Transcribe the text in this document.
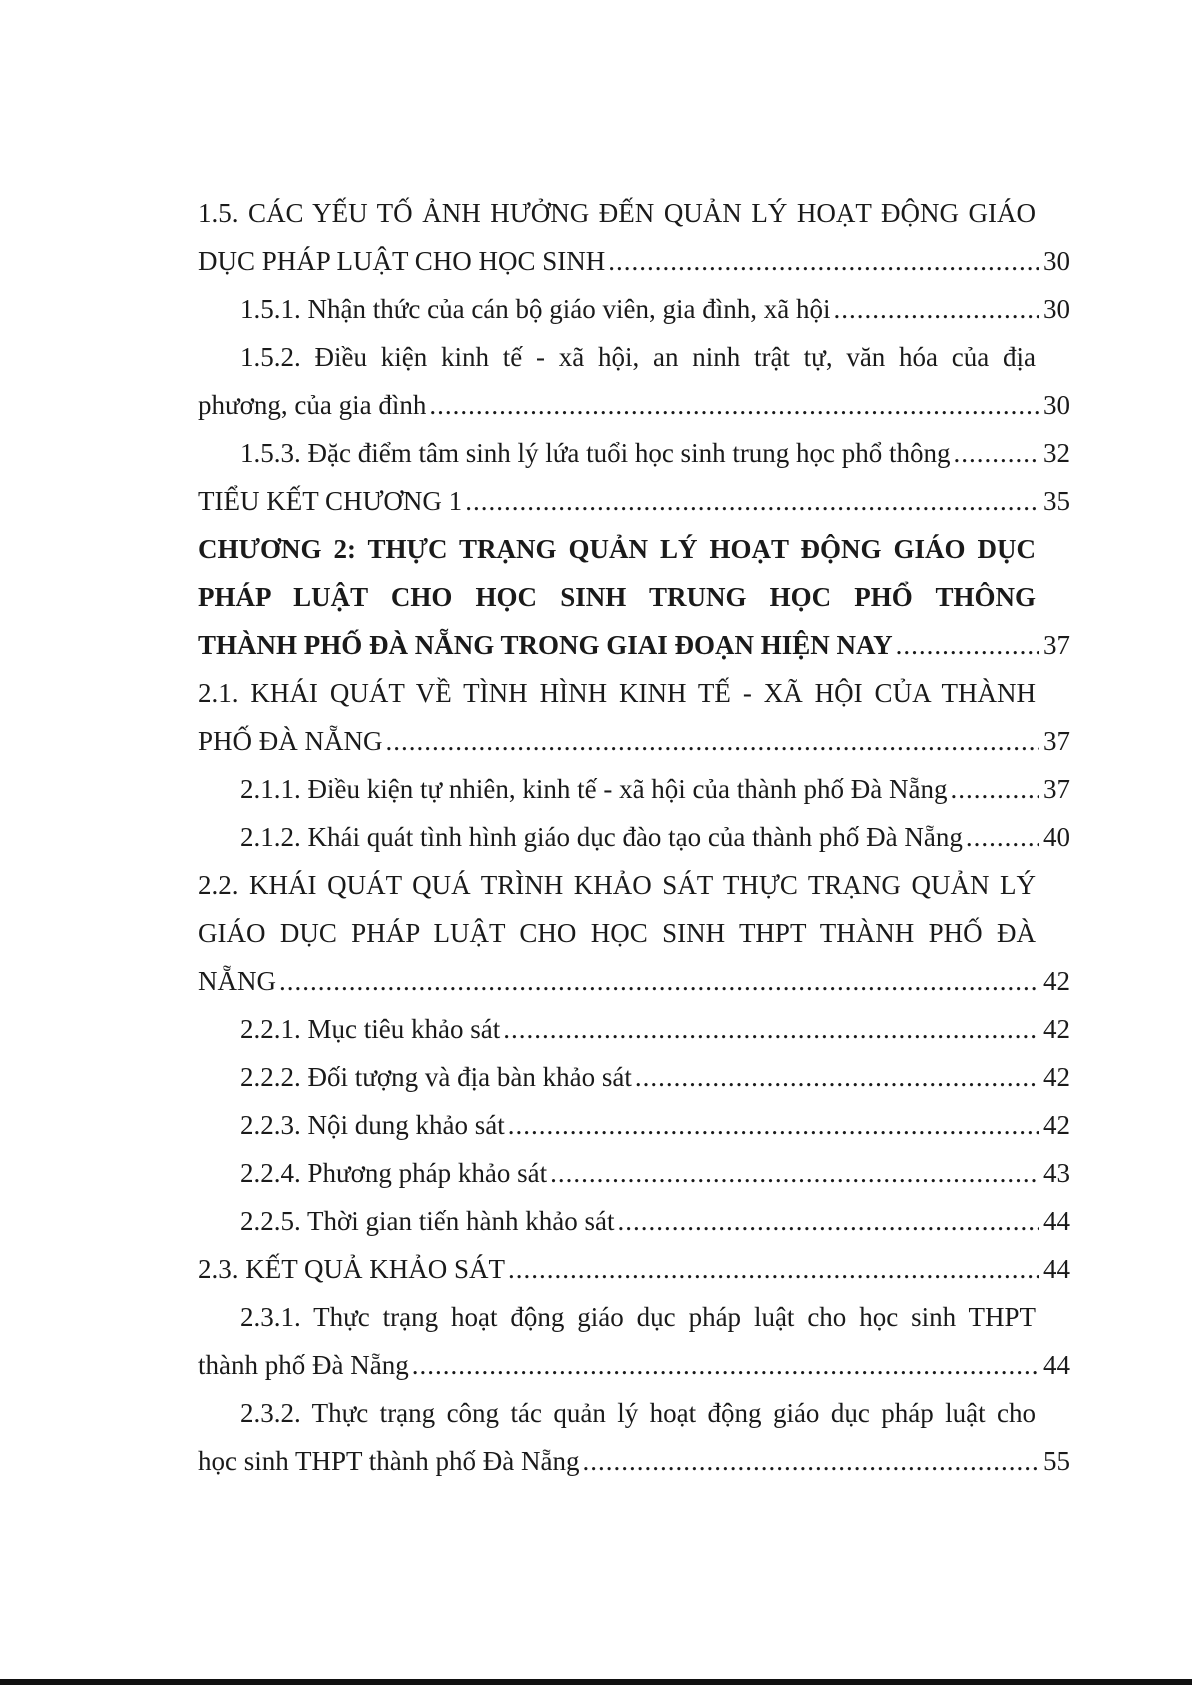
1.5. CÁC YẾU TỐ ẢNH HƯỞNG ĐẾN QUẢN LÝ HOẠT ĐỘNG GIÁO
DỤC PHÁP LUẬT CHO HỌC SINH .....	30
1.5.1. Nhận thức của cán bộ giáo viên, gia đình, xã hội .....	30
1.5.2. Điều kiện kinh tế - xã hội, an ninh trật tự, văn hóa của địa
phương, của gia đình .....	30
1.5.3. Đặc điểm tâm sinh lý lứa tuổi học sinh trung học phổ thông .....	32
TIỂU KẾT CHƯƠNG 1 .....	35
CHƯƠNG 2: THỰC TRẠNG QUẢN LÝ HOẠT ĐỘNG GIÁO DỤC
PHÁP LUẬT CHO HỌC SINH TRUNG HỌC PHỔ THÔNG
THÀNH PHỐ ĐÀ NẴNG TRONG GIAI ĐOẠN HIỆN NAY .....	37
2.1. KHÁI QUÁT VỀ TÌNH HÌNH KINH TẾ - XÃ HỘI CỦA THÀNH
PHỐ ĐÀ NẴNG .....	37
2.1.1. Điều kiện tự nhiên, kinh tế - xã hội của thành phố Đà Nẵng .....	37
2.1.2. Khái quát tình hình giáo dục đào tạo của thành phố Đà Nẵng .....	40
2.2. KHÁI QUÁT QUÁ TRÌNH KHẢO SÁT THỰC TRẠNG QUẢN LÝ
GIÁO DỤC PHÁP LUẬT CHO HỌC SINH THPT THÀNH PHỐ ĐÀ
NẴNG .....	42
2.2.1. Mục tiêu khảo sát .....	42
2.2.2. Đối tượng và địa bàn khảo sát .....	42
2.2.3. Nội dung khảo sát .....	42
2.2.4. Phương pháp khảo sát .....	43
2.2.5. Thời gian tiến hành khảo sát .....	44
2.3. KẾT QUẢ KHẢO SÁT .....	44
2.3.1. Thực trạng hoạt động giáo dục pháp luật cho học sinh THPT
thành phố Đà Nẵng .....	44
2.3.2. Thực trạng công tác quản lý hoạt động giáo dục pháp luật cho
học sinh THPT thành phố Đà Nẵng .....	55
